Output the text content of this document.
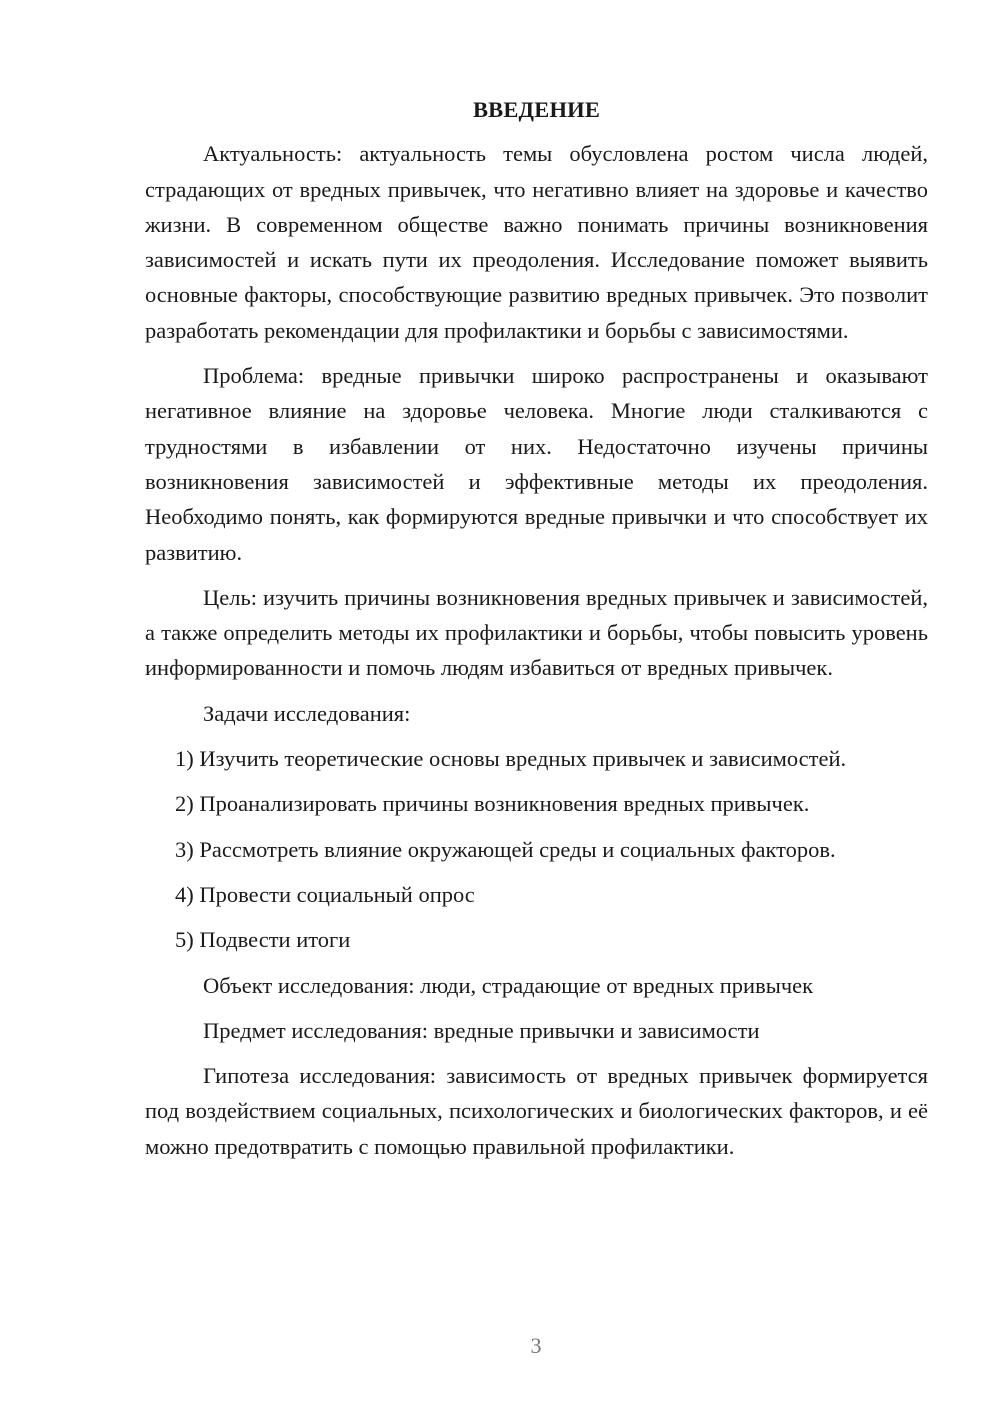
ВВЕДЕНИЕ

Актуальность: актуальность темы обусловлена ростом числа людей, страдающих от вредных привычек, что негативно влияет на здоровье и качество жизни. В современном обществе важно понимать причины возникновения зависимостей и искать пути их преодоления. Исследование поможет выявить основные факторы, способствующие развитию вредных привычек. Это позволит разработать рекомендации для профилактики и борьбы с зависимостями.

Проблема: вредные привычки широко распространены и оказывают негативное влияние на здоровье человека. Многие люди сталкиваются с трудностями в избавлении от них. Недостаточно изучены причины возникновения зависимостей и эффективные методы их преодоления. Необходимо понять, как формируются вредные привычки и что способствует их развитию.

Цель: изучить причины возникновения вредных привычек и зависимостей, а также определить методы их профилактики и борьбы, чтобы повысить уровень информированности и помочь людям избавиться от вредных привычек.

Задачи исследования:

1) Изучить теоретические основы вредных привычек и зависимостей.

2) Проанализировать причины возникновения вредных привычек.

3) Рассмотреть влияние окружающей среды и социальных факторов.

4) Провести социальный опрос

5) Подвести итоги

Объект исследования: люди, страдающие от вредных привычек

Предмет исследования: вредные привычки и зависимости

Гипотеза исследования: зависимость от вредных привычек формируется под воздействием социальных, психологических и биологических факторов, и её можно предотвратить с помощью правильной профилактики.

3
